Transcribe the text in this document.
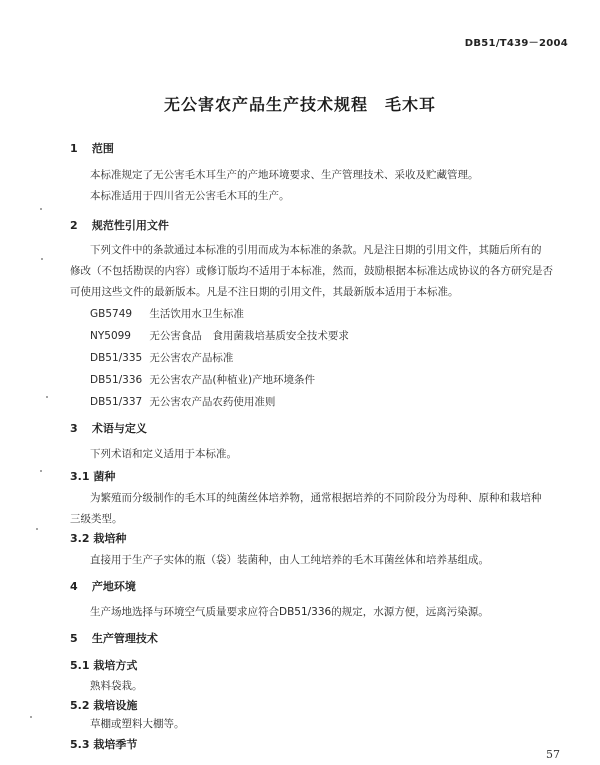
DB51/T439－2004
无公害农产品生产技术规程　毛木耳
1 范围
本标准规定了无公害毛木耳生产的产地环境要求、生产管理技术、采收及贮藏管理。
本标准适用于四川省无公害毛木耳的生产。
2 规范性引用文件
下列文件中的条款通过本标准的引用而成为本标准的条款。凡是注日期的引用文件，其随后所有的
修改（不包括勘误的内容）或修订版均不适用于本标准，然而，鼓励根据本标准达成协议的各方研究是否
可使用这些文件的最新版本。凡是不注日期的引用文件，其最新版本适用于本标准。
GB5749 生活饮用水卫生标准
NY5099 无公害食品　食用菌栽培基质安全技术要求
DB51/335 无公害农产品标准
DB51/336 无公害农产品(种植业)产地环境条件
DB51/337 无公害农产品农药使用准则
3 术语与定义
下列术语和定义适用于本标准。
3.1 菌种
为繁殖而分级制作的毛木耳的纯菌丝体培养物，通常根据培养的不同阶段分为母种、原种和栽培种
三级类型。
3.2 栽培种
直接用于生产子实体的瓶（袋）装菌种，由人工纯培养的毛木耳菌丝体和培养基组成。
4 产地环境
生产场地选择与环境空气质量要求应符合DB51/336的规定，水源方便，远离污染源。
5 生产管理技术
5.1 栽培方式
熟料袋栽。
5.2 栽培设施
草棚或塑料大棚等。
5.3 栽培季节
57
